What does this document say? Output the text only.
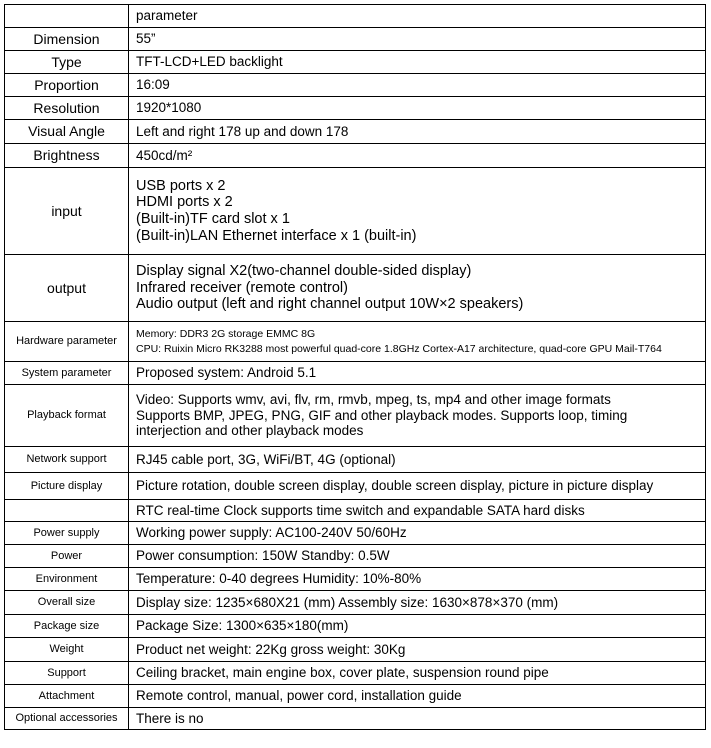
	parameter
Dimension	55”
Type	TFT-LCD+LED backlight
Proportion	16:09
Resolution	1920*1080
Visual Angle	Left and right 178 up and down 178
Brightness	450cd/m²
input	USB ports x 2
HDMI ports x 2
(Built-in)TF card slot x 1
(Built-in)LAN Ethernet interface x 1 (built-in)

output	Display signal X2(two-channel double-sided display)
Infrared receiver (remote control)
Audio output (left and right channel output 10W×2 speakers)

Hardware parameter	Memory: DDR3 2G storage EMMC 8G
CPU: Ruixin Micro RK3288 most powerful quad-core 1.8GHz Cortex-A17 architecture, quad-core GPU Mail-T764

System parameter	Proposed system: Android 5.1
Playback format	Video: Supports wmv, avi, flv, rm, rmvb, mpeg, ts, mp4 and other image formats
Supports BMP, JPEG, PNG, GIF and other playback modes. Supports loop, timing
interjection and other playback modes

Network support	RJ45 cable port, 3G, WiFi/BT, 4G (optional)
Picture display	Picture rotation, double screen display, double screen display, picture in picture display
	RTC real-time Clock supports time switch and expandable SATA hard disks
Power supply	Working power supply: AC100-240V 50/60Hz
Power	Power consumption: 150W Standby: 0.5W
Environment	Temperature: 0-40 degrees Humidity: 10%-80%
Overall size	Display size: 1235×680X21 (mm) Assembly size: 1630×878×370 (mm)
Package size	Package Size: 1300×635×180(mm)
Weight	Product net weight: 22Kg gross weight: 30Kg
Support	Ceiling bracket, main engine box, cover plate, suspension round pipe
Attachment	Remote control, manual, power cord, installation guide
Optional accessories	There is no
